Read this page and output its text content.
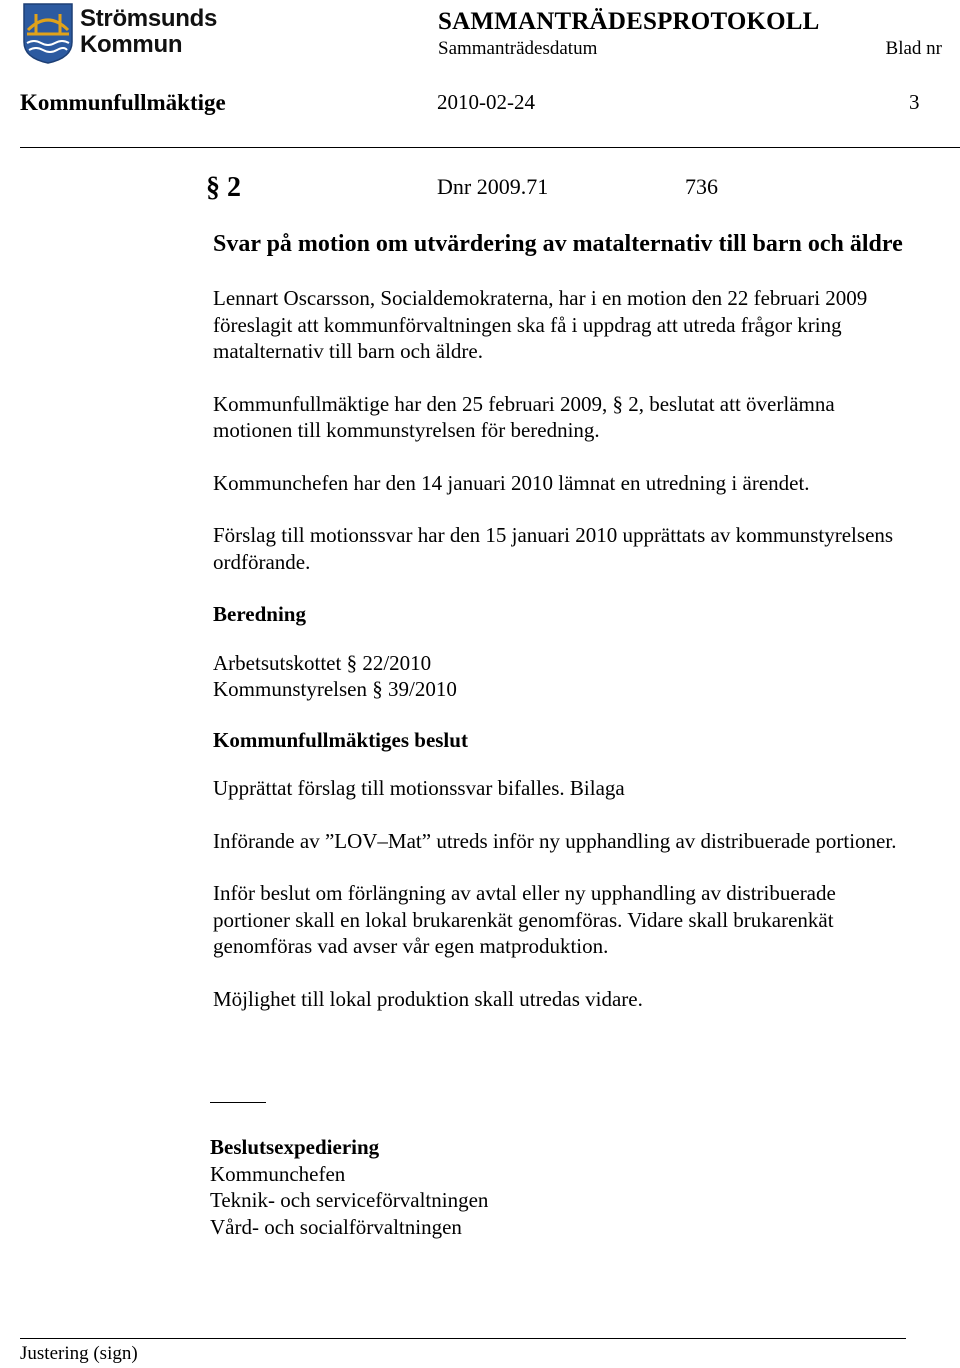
Strömsunds
Kommun
SAMMANTRÄDESPROTOKOLL
Sammanträdesdatum	Blad nr
Kommunfullmäktige	2010-02-24	3
§ 2	Dnr 2009.71	736
Svar på motion om utvärdering av matalternativ till barn och äldre

Lennart Oscarsson, Socialdemokraterna, har i en motion den 22 februari 2009 föreslagit att kommunförvaltningen ska få i uppdrag att utreda frågor kring matalternativ till barn och äldre.

Kommunfullmäktige har den 25 februari 2009, § 2, beslutat att överlämna motionen till kommunstyrelsen för beredning.

Kommunchefen har den 14 januari 2010 lämnat en utredning i ärendet.

Förslag till motionssvar har den 15 januari 2010 upprättats av kommunstyrelsens ordförande.

Beredning

Arbetsutskottet § 22/2010
Kommunstyrelsen § 39/2010

Kommunfullmäktiges beslut

Upprättat förslag till motionssvar bifalles. Bilaga

Införande av ”LOV–Mat” utreds inför ny upphandling av distribuerade portioner.

Inför beslut om förlängning av avtal eller ny upphandling av distribuerade portioner skall en lokal brukarenkät genomföras. Vidare skall brukarenkät genomföras vad avser vår egen matproduktion.

Möjlighet till lokal produktion skall utredas vidare.

Beslutsexpediering
Kommunchefen
Teknik- och serviceförvaltningen
Vård- och socialförvaltningen
Justering (sign)
